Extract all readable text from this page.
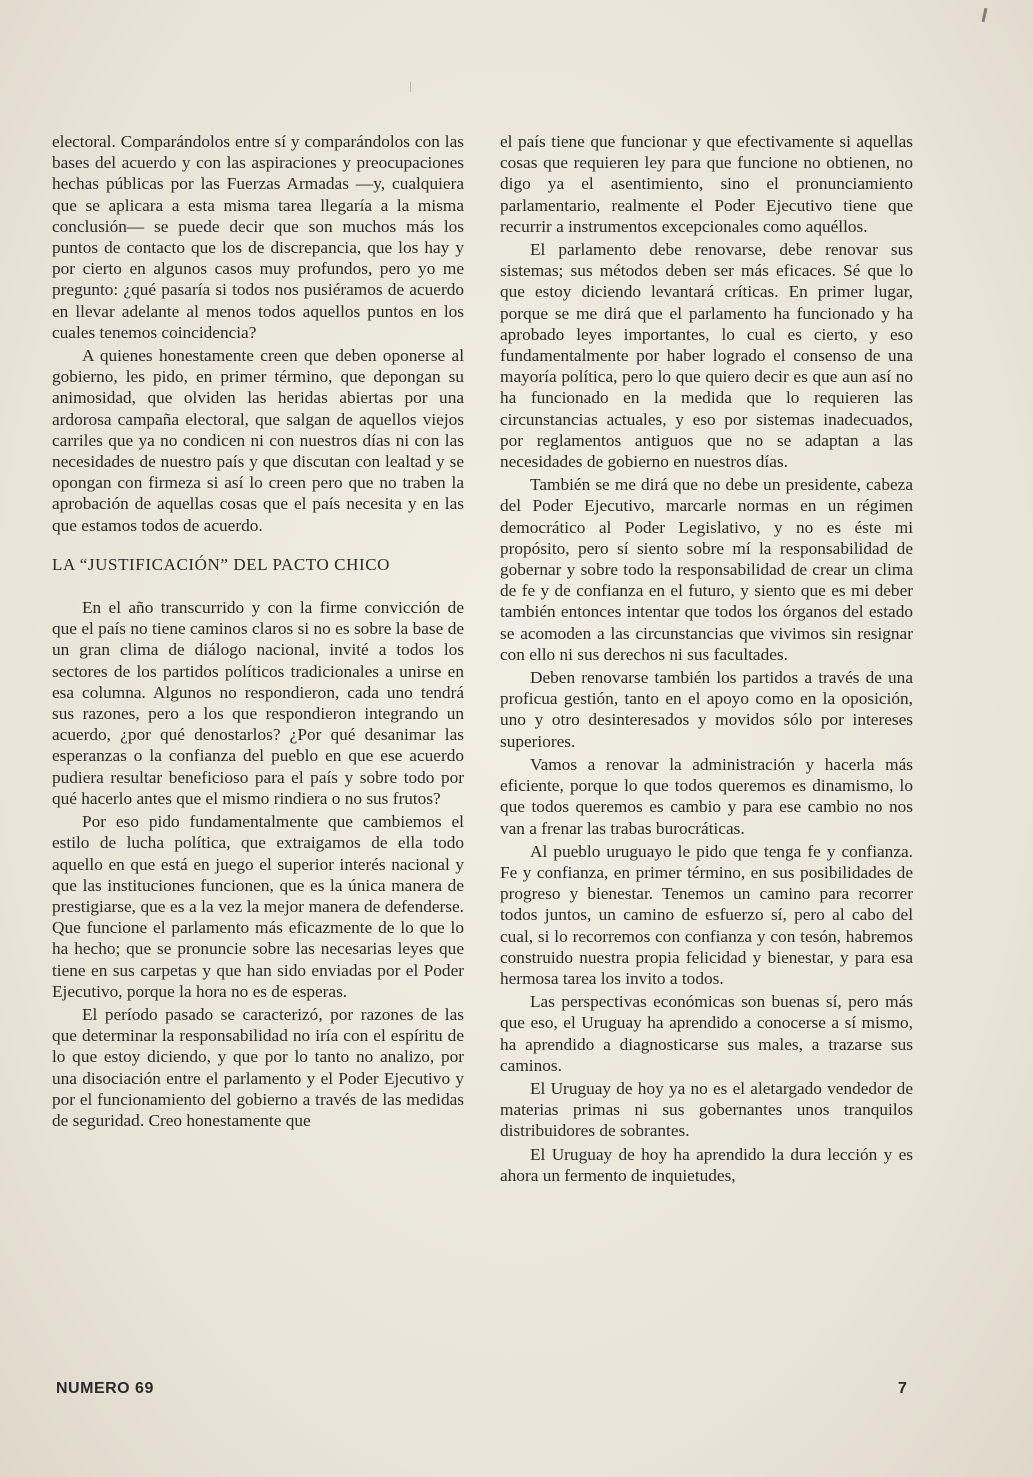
electoral. Comparándolos entre sí y comparándolos con las bases del acuerdo y con las aspiraciones y preocupaciones hechas públicas por las Fuerzas Armadas —y, cualquiera que se aplicara a esta misma tarea llegaría a la misma conclusión— se puede decir que son muchos más los puntos de contacto que los de discrepancia, que los hay y por cierto en algunos casos muy profundos, pero yo me pregunto: ¿qué pasaría si todos nos pusiéramos de acuerdo en llevar adelante al menos todos aquellos puntos en los cuales tenemos coincidencia?

A quienes honestamente creen que deben oponerse al gobierno, les pido, en primer término, que depongan su animosidad, que olviden las heridas abiertas por una ardorosa campaña electoral, que salgan de aquellos viejos carriles que ya no condicen ni con nuestros días ni con las necesidades de nuestro país y que discutan con lealtad y se opongan con firmeza si así lo creen pero que no traben la aprobación de aquellas cosas que el país necesita y en las que estamos todos de acuerdo.

LA “JUSTIFICACIÓN” DEL PACTO CHICO

En el año transcurrido y con la firme convicción de que el país no tiene caminos claros si no es sobre la base de un gran clima de diálogo nacional, invité a todos los sectores de los partidos políticos tradicionales a unirse en esa columna. Algunos no respondieron, cada uno tendrá sus razones, pero a los que respondieron integrando un acuerdo, ¿por qué denostarlos? ¿Por qué desanimar las esperanzas o la confianza del pueblo en que ese acuerdo pudiera resultar beneficioso para el país y sobre todo por qué hacerlo antes que el mismo rindiera o no sus frutos?

Por eso pido fundamentalmente que cambiemos el estilo de lucha política, que extraigamos de ella todo aquello en que está en juego el superior interés nacional y que las instituciones funcionen, que es la única manera de prestigiarse, que es a la vez la mejor manera de defenderse. Que funcione el parlamento más eficazmente de lo que lo ha hecho; que se pronuncie sobre las necesarias leyes que tiene en sus carpetas y que han sido enviadas por el Poder Ejecutivo, porque la hora no es de esperas.

El período pasado se caracterizó, por razones de las que determinar la responsabilidad no iría con el espíritu de lo que estoy diciendo, y que por lo tanto no analizo, por una disociación entre el parlamento y el Poder Ejecutivo y por el funcionamiento del gobierno a través de las medidas de seguridad. Creo honestamente que

el país tiene que funcionar y que efectivamente si aquellas cosas que requieren ley para que funcione no obtienen, no digo ya el asentimiento, sino el pronunciamiento parlamentario, realmente el Poder Ejecutivo tiene que recurrir a instrumentos excepcionales como aquéllos.

El parlamento debe renovarse, debe renovar sus sistemas; sus métodos deben ser más eficaces. Sé que lo que estoy diciendo levantará críticas. En primer lugar, porque se me dirá que el parlamento ha funcionado y ha aprobado leyes importantes, lo cual es cierto, y eso fundamentalmente por haber logrado el consenso de una mayoría política, pero lo que quiero decir es que aun así no ha funcionado en la medida que lo requieren las circunstancias actuales, y eso por sistemas inadecuados, por reglamentos antiguos que no se adaptan a las necesidades de gobierno en nuestros días.

También se me dirá que no debe un presidente, cabeza del Poder Ejecutivo, marcarle normas en un régimen democrático al Poder Legislativo, y no es éste mi propósito, pero sí siento sobre mí la responsabilidad de gobernar y sobre todo la responsabilidad de crear un clima de fe y de confianza en el futuro, y siento que es mi deber también entonces intentar que todos los órganos del estado se acomoden a las circunstancias que vivimos sin resignar con ello ni sus derechos ni sus facultades.

Deben renovarse también los partidos a través de una proficua gestión, tanto en el apoyo como en la oposición, uno y otro desinteresados y movidos sólo por intereses superiores.

Vamos a renovar la administración y hacerla más eficiente, porque lo que todos queremos es dinamismo, lo que todos queremos es cambio y para ese cambio no nos van a frenar las trabas burocráticas.

Al pueblo uruguayo le pido que tenga fe y confianza. Fe y confianza, en primer término, en sus posibilidades de progreso y bienestar. Tenemos un camino para recorrer todos juntos, un camino de esfuerzo sí, pero al cabo del cual, si lo recorremos con confianza y con tesón, habremos construido nuestra propia felicidad y bienestar, y para esa hermosa tarea los invito a todos.

Las perspectivas económicas son buenas sí, pero más que eso, el Uruguay ha aprendido a conocerse a sí mismo, ha aprendido a diagnosticarse sus males, a trazarse sus caminos.

El Uruguay de hoy ya no es el aletargado vendedor de materias primas ni sus gobernantes unos tranquilos distribuidores de sobrantes.

El Uruguay de hoy ha aprendido la dura lección y es ahora un fermento de inquietudes,

NUMERO 69	7
